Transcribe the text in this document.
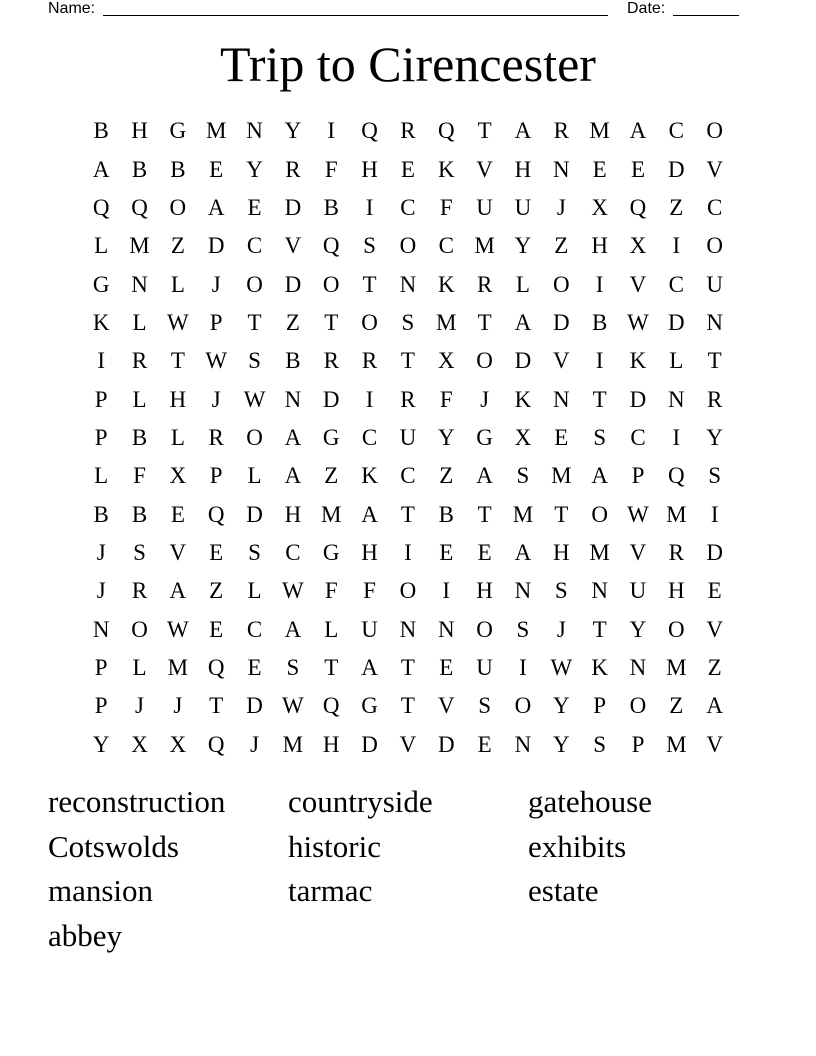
Name:	Date:
Trip to Cirencester
B H G M N Y	I	Q R Q	T	A R M A C O
A B	B	E	Y R	F	H	E	K V H N	E	E	D V
Q Q O A	E	D B	I	C	F	U U	J	X Q	Z	C
L M Z	D C V Q	S	O C M Y	Z	H X	I	O
G N	L	J	O D O	T	N K R	L	O	I	V C U
K	L W P	T	Z	T	O	S M T	A D B W D N
I	R	T W S	B	R	R	T	X O D V	I	K	L	T
P	L	H	J	W N D	I	R	F	J	K N	T	D N R
P	B	L	R O A G C U Y G X	E	S	C	I	Y
L	F	X	P	L	A	Z	K C	Z	A	S M A	P	Q	S
B	B	E	Q D H M A	T	B	T M T	O W M	I
J	S	V	E	S	C G H	I	E	E	A H M V R D
J	R A	Z	L W F	F	O	I	H N	S	N U H	E
N O W E	C A	L	U N N O	S	J	T	Y O V
P	L M Q	E	S	T	A	T	E	U	I	W K N M Z
P	J	J	T	D W Q G	T	V	S	O Y	P	O	Z	A
Y X X Q	J	M H D V D	E	N Y	S	P M V
reconstruction	countryside	gatehouse
Cotswolds	historic	exhibits
mansion	tarmac	estate
abbey
